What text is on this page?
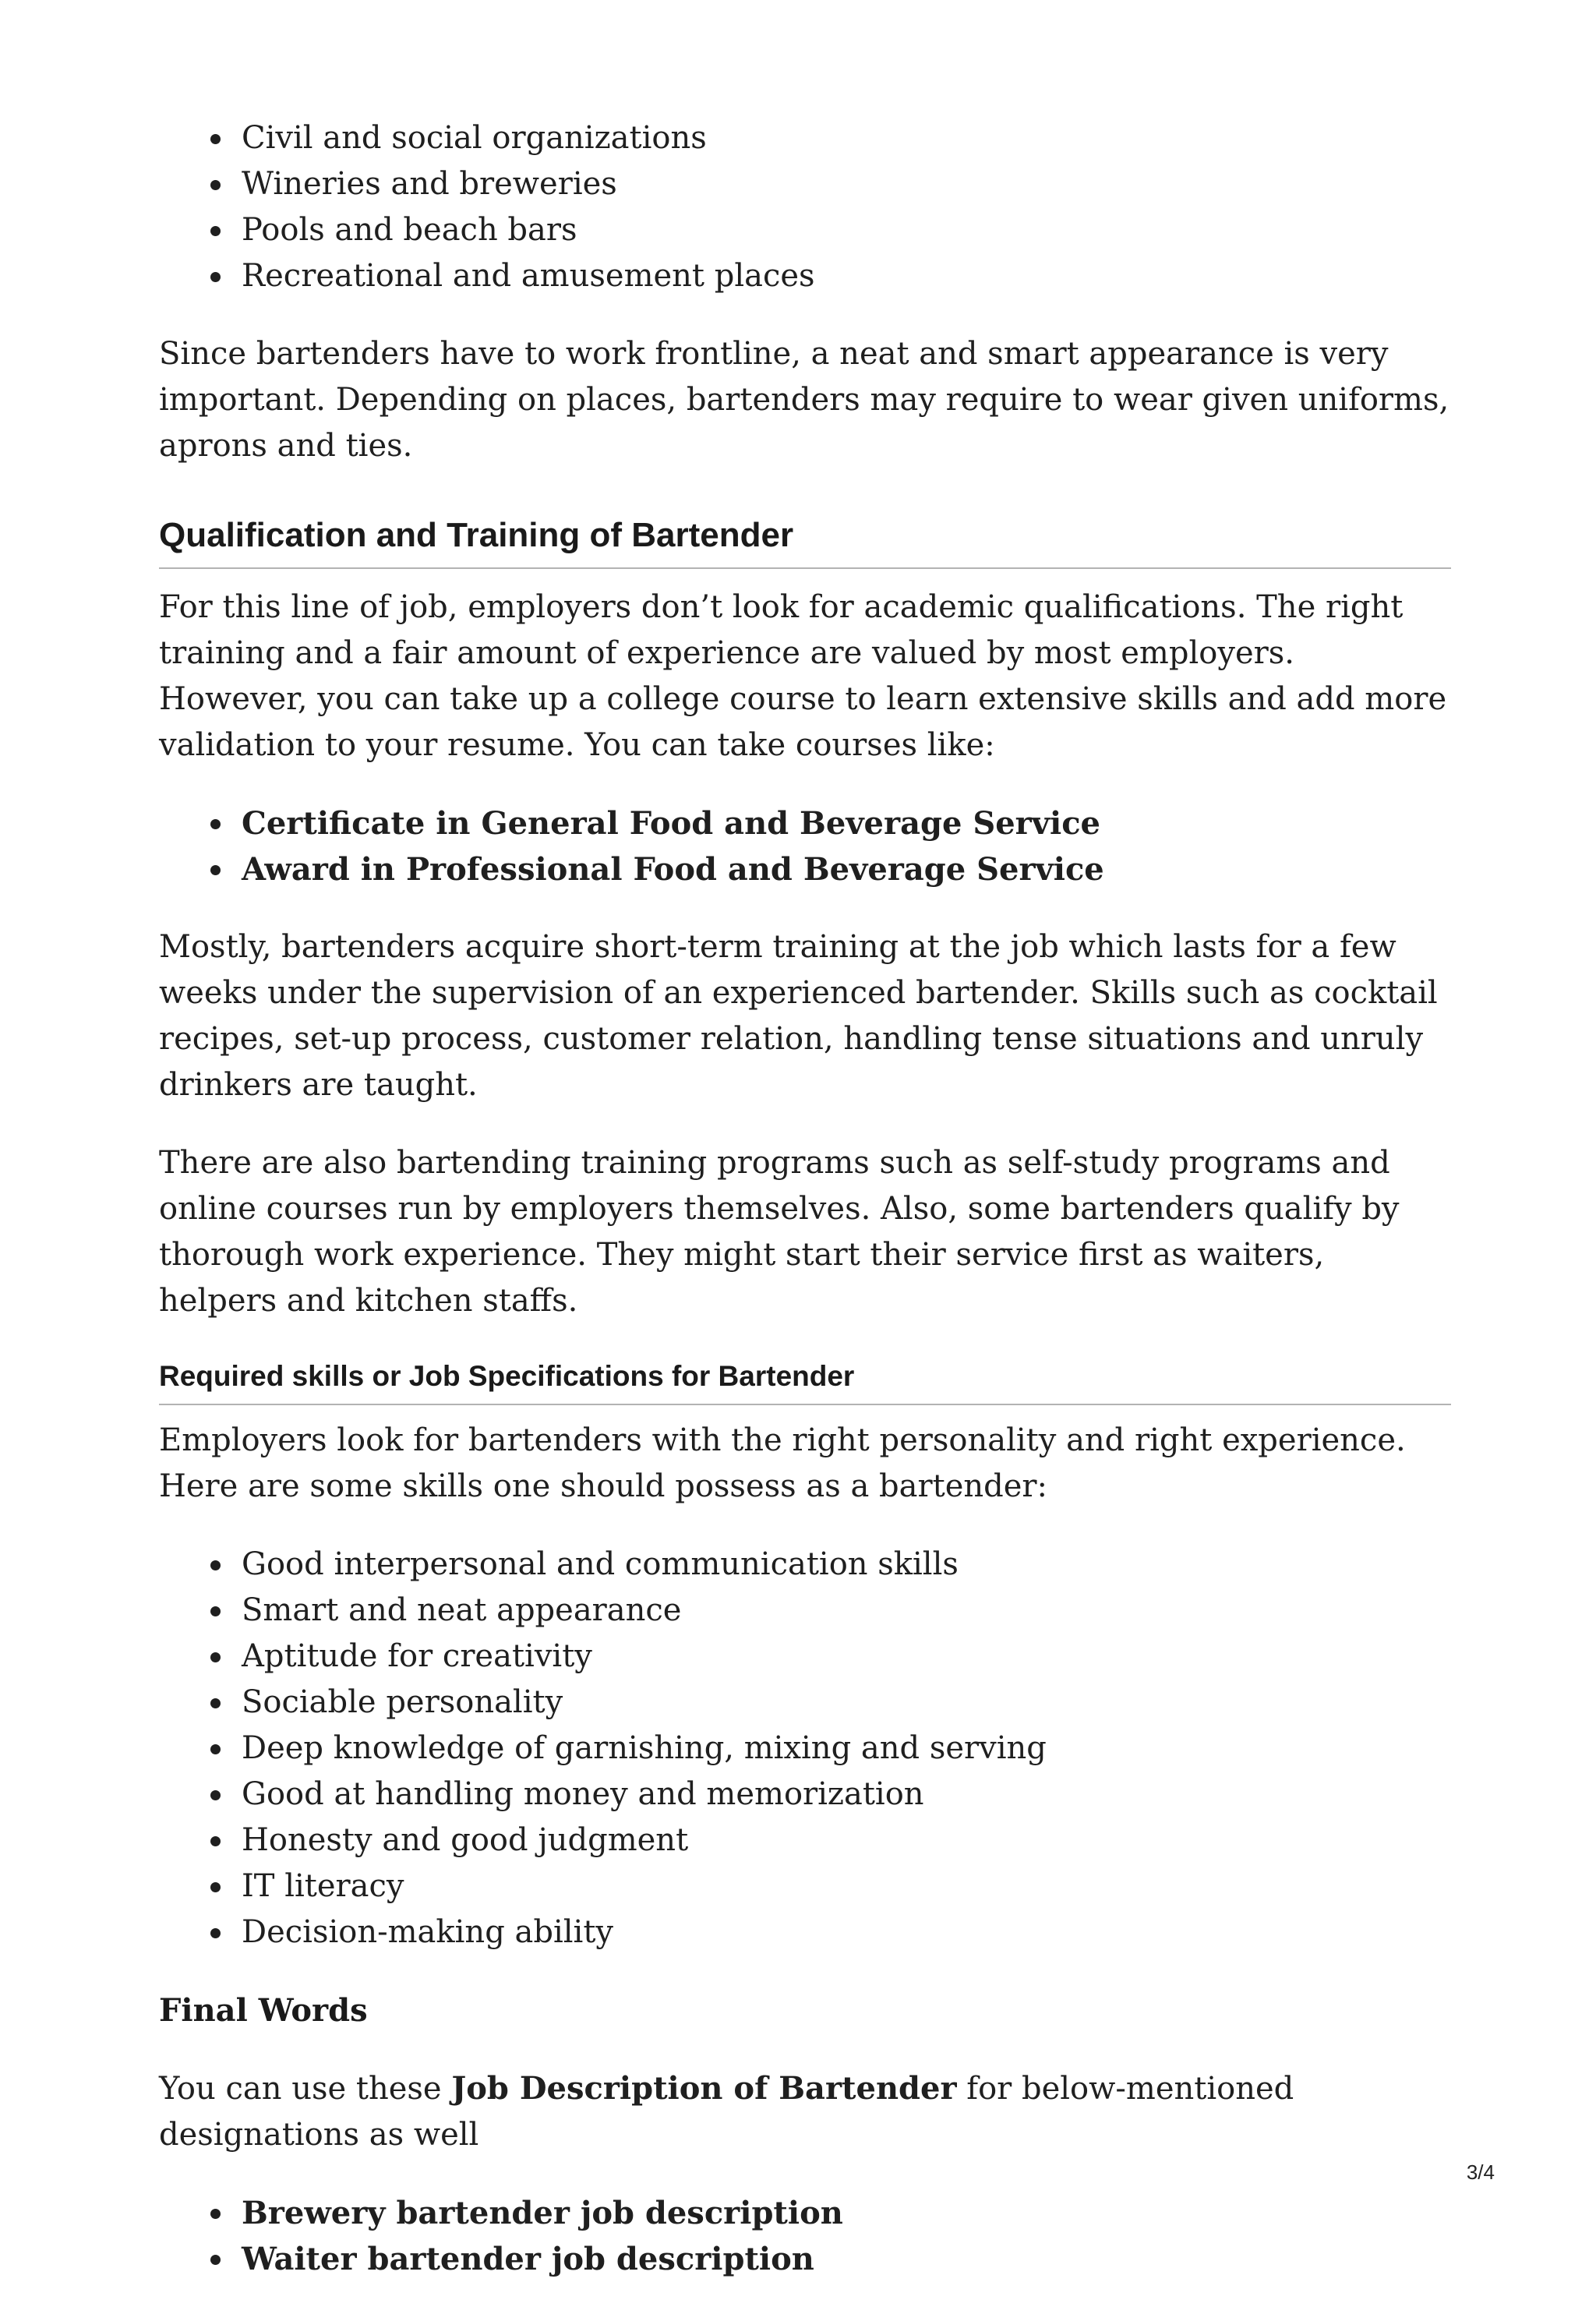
Civil and social organizations
Wineries and breweries
Pools and beach bars
Recreational and amusement places

Since bartenders have to work frontline, a neat and smart appearance is very important. Depending on places, bartenders may require to wear given uniforms, aprons and ties.

Qualification and Training of Bartender

For this line of job, employers don’t look for academic qualifications. The right training and a fair amount of experience are valued by most employers. However, you can take up a college course to learn extensive skills and add more validation to your resume. You can take courses like:

Certificate in General Food and Beverage Service
Award in Professional Food and Beverage Service

Mostly, bartenders acquire short-term training at the job which lasts for a few weeks under the supervision of an experienced bartender. Skills such as cocktail recipes, set-up process, customer relation, handling tense situations and unruly drinkers are taught.

There are also bartending training programs such as self-study programs and online courses run by employers themselves. Also, some bartenders qualify by thorough work experience. They might start their service first as waiters, helpers and kitchen staffs.

Required skills or Job Specifications for Bartender

Employers look for bartenders with the right personality and right experience. Here are some skills one should possess as a bartender:

Good interpersonal and communication skills
Smart and neat appearance
Aptitude for creativity
Sociable personality
Deep knowledge of garnishing, mixing and serving
Good at handling money and memorization
Honesty and good judgment
IT literacy
Decision-making ability
Final Words

You can use these Job Description of Bartender for below-mentioned designations as well

Brewery bartender job description
Waiter bartender job description
3/4
